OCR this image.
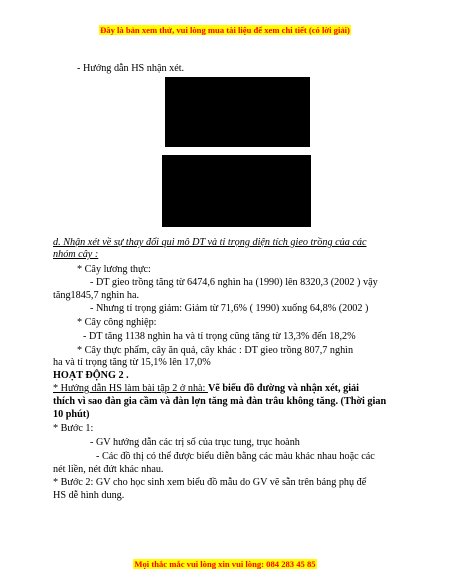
Đây là bản xem thử, vui lòng mua tài liệu để xem chi tiết (có lời giải)
- Hướng dẫn HS nhận xét.
d. Nhận xét về sự thay đổi qui mô DT và tỉ trọng diện tích gieo trồng của các
nhóm cây :
* Cây lương thực:
- DT gieo trồng tăng từ 6474,6 nghìn ha (1990) lên 8320,3 (2002 ) vậy
tăng1845,7 nghìn ha.
- Nhưng tỉ trọng giảm: Giảm từ 71,6% ( 1990) xuống 64,8% (2002 )
* Cây công nghiệp:
- DT tăng 1138 nghìn ha và tỉ trọng cũng tăng từ 13,3% đến 18,2%
* Cây thực phẩm, cây ăn quả, cây khác : DT gieo trồng 807,7 nghìn
ha và tỉ trọng tăng từ 15,1% lên 17,0%
HOẠT ĐỘNG 2 .
* Hướng dẫn HS làm bài tập 2 ở nhà: Vẽ biểu đồ đường và nhận xét, giải
thích vì sao đàn gia cầm và đàn lợn tăng mà đàn trâu không tăng. (Thời gian
10 phút)
* Bước 1:
- GV hướng dẫn các trị số của trục tung, trục hoành
- Các đồ thị có thể được biểu diễn bằng các màu khác nhau hoặc các
nét liền, nét đứt khác nhau.
* Bước 2: GV cho học sinh xem biểu đồ mẫu do GV vẽ sẵn trên bảng phụ để
HS dễ hình dung.
Mọi thắc mắc vui lòng xin vui lòng: 084 283 45 85
